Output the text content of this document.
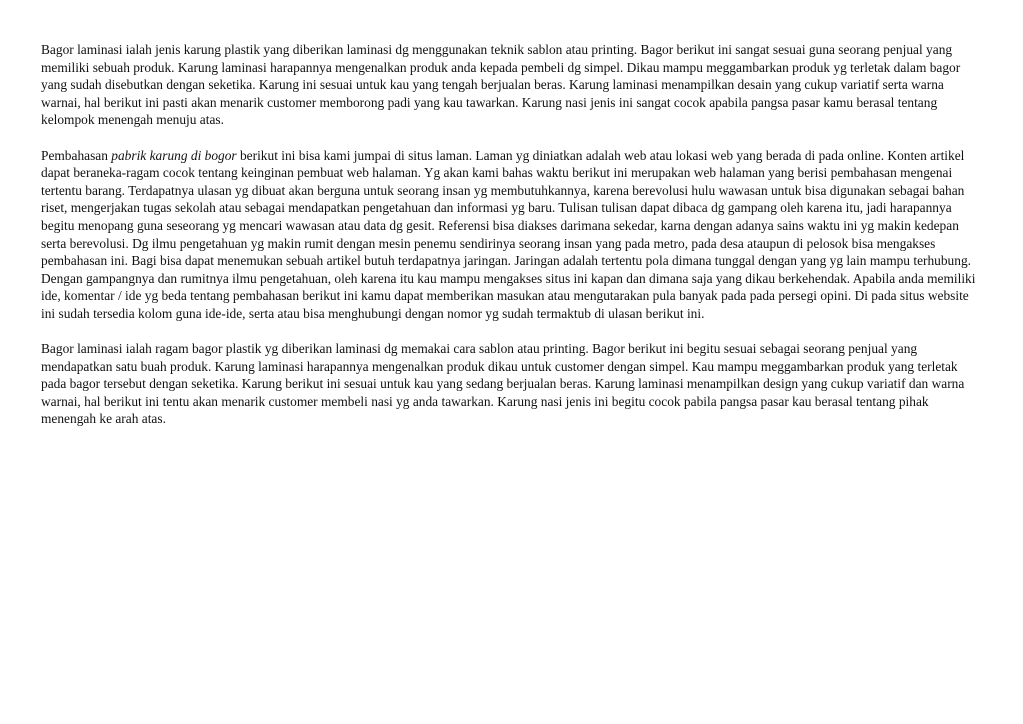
Bagor laminasi ialah jenis karung plastik yang diberikan laminasi dg menggunakan teknik sablon atau printing. Bagor berikut ini sangat sesuai guna seorang penjual yang memiliki sebuah produk. Karung laminasi harapannya mengenalkan produk anda kepada pembeli dg simpel. Dikau mampu meggambarkan produk yg terletak dalam bagor yang sudah disebutkan dengan seketika. Karung ini sesuai untuk kau yang tengah berjualan beras. Karung laminasi menampilkan desain yang cukup variatif serta warna warnai, hal berikut ini pasti akan menarik customer memborong padi yang kau tawarkan. Karung nasi jenis ini sangat cocok apabila pangsa pasar kamu berasal tentang kelompok menengah menuju atas.

Pembahasan pabrik karung di bogor berikut ini bisa kami jumpai di situs laman. Laman yg diniatkan adalah web atau lokasi web yang berada di pada online. Konten artikel dapat beraneka-ragam cocok tentang keinginan pembuat web halaman. Yg akan kami bahas waktu berikut ini merupakan web halaman yang berisi pembahasan mengenai tertentu barang. Terdapatnya ulasan yg dibuat akan berguna untuk seorang insan yg membutuhkannya, karena berevolusi hulu wawasan untuk bisa digunakan sebagai bahan riset, mengerjakan tugas sekolah atau sebagai mendapatkan pengetahuan dan informasi yg baru. Tulisan tulisan dapat dibaca dg gampang oleh karena itu, jadi harapannya begitu menopang guna seseorang yg mencari wawasan atau data dg gesit. Referensi bisa diakses darimana sekedar, karna dengan adanya sains waktu ini yg makin kedepan serta berevolusi. Dg ilmu pengetahuan yg makin rumit dengan mesin penemu sendirinya seorang insan yang pada metro, pada desa ataupun di pelosok bisa mengakses pembahasan ini. Bagi bisa dapat menemukan sebuah artikel butuh terdapatnya jaringan. Jaringan adalah tertentu pola dimana tunggal dengan yang yg lain mampu terhubung. Dengan gampangnya dan rumitnya ilmu pengetahuan, oleh karena itu kau mampu mengakses situs ini kapan dan dimana saja yang dikau berkehendak. Apabila anda memiliki ide, komentar / ide yg beda tentang pembahasan berikut ini kamu dapat memberikan masukan atau mengutarakan pula banyak pada pada persegi opini. Di pada situs website ini sudah tersedia kolom guna ide-ide, serta atau bisa menghubungi dengan nomor yg sudah termaktub di ulasan berikut ini.

Bagor laminasi ialah ragam bagor plastik yg diberikan laminasi dg memakai cara sablon atau printing. Bagor berikut ini begitu sesuai sebagai seorang penjual yang mendapatkan satu buah produk. Karung laminasi harapannya mengenalkan produk dikau untuk customer dengan simpel. Kau mampu meggambarkan produk yang terletak pada bagor tersebut dengan seketika. Karung berikut ini sesuai untuk kau yang sedang berjualan beras. Karung laminasi menampilkan design yang cukup variatif dan warna warnai, hal berikut ini tentu akan menarik customer membeli nasi yg anda tawarkan. Karung nasi jenis ini begitu cocok pabila pangsa pasar kau berasal tentang pihak menengah ke arah atas.
